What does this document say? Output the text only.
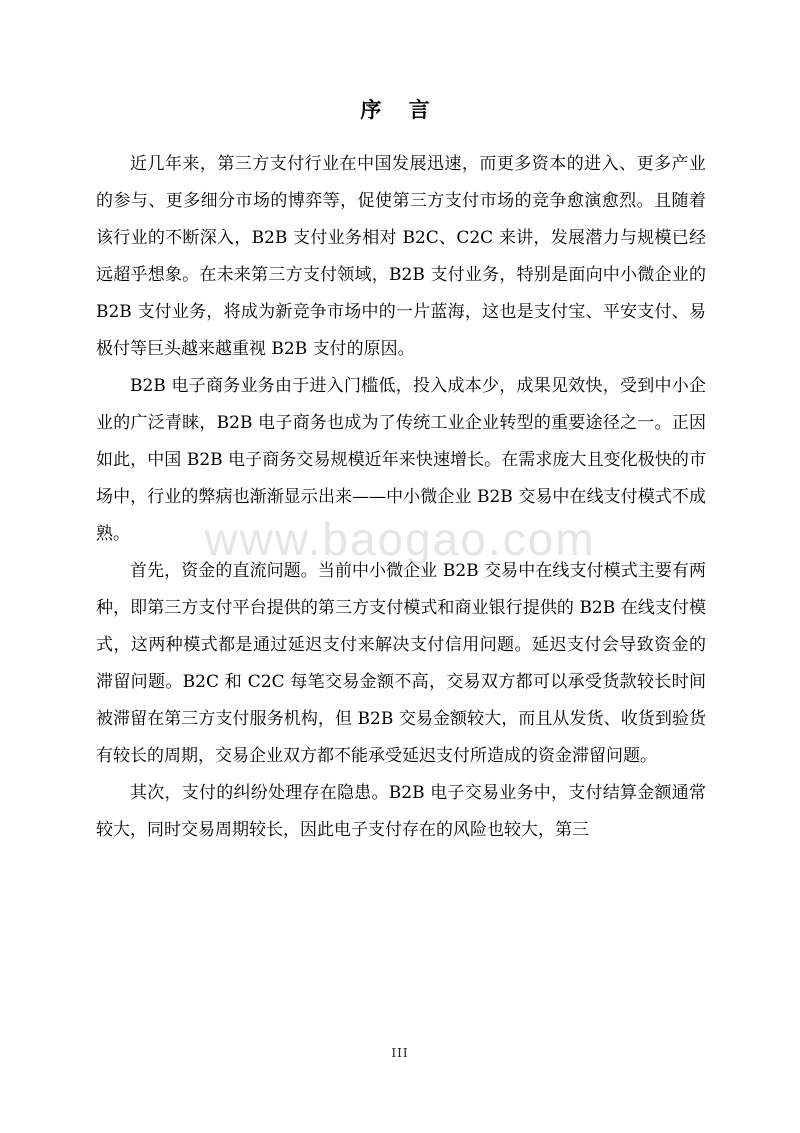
序 言

近几年来，第三方支付行业在中国发展迅速，而更多资本的进入、更多产业的参与、更多细分市场的博弈等，促使第三方支付市场的竞争愈演愈烈。且随着该行业的不断深入，B2B 支付业务相对 B2C、C2C 来讲，发展潜力与规模已经远超乎想象。在未来第三方支付领域，B2B 支付业务，特别是面向中小微企业的 B2B 支付业务，将成为新竞争市场中的一片蓝海，这也是支付宝、平安支付、易极付等巨头越来越重视 B2B 支付的原因。

B2B 电子商务业务由于进入门槛低，投入成本少，成果见效快，受到中小企业的广泛青睐，B2B 电子商务也成为了传统工业企业转型的重要途径之一。正因如此，中国 B2B 电子商务交易规模近年来快速增长。在需求庞大且变化极快的市场中，行业的弊病也渐渐显示出来——中小微企业 B2B 交易中在线支付模式不成熟。

首先，资金的直流问题。当前中小微企业 B2B 交易中在线支付模式主要有两种，即第三方支付平台提供的第三方支付模式和商业银行提供的 B2B 在线支付模式，这两种模式都是通过延迟支付来解决支付信用问题。延迟支付会导致资金的滞留问题。B2C 和 C2C 每笔交易金额不高，交易双方都可以承受货款较长时间被滞留在第三方支付服务机构，但 B2B 交易金额较大，而且从发货、收货到验货有较长的周期，交易企业双方都不能承受延迟支付所造成的资金滞留问题。

其次，支付的纠纷处理存在隐患。B2B 电子交易业务中，支付结算金额通常较大，同时交易周期较长，因此电子支付存在的风险也较大，第三

www.baogao.com
III
